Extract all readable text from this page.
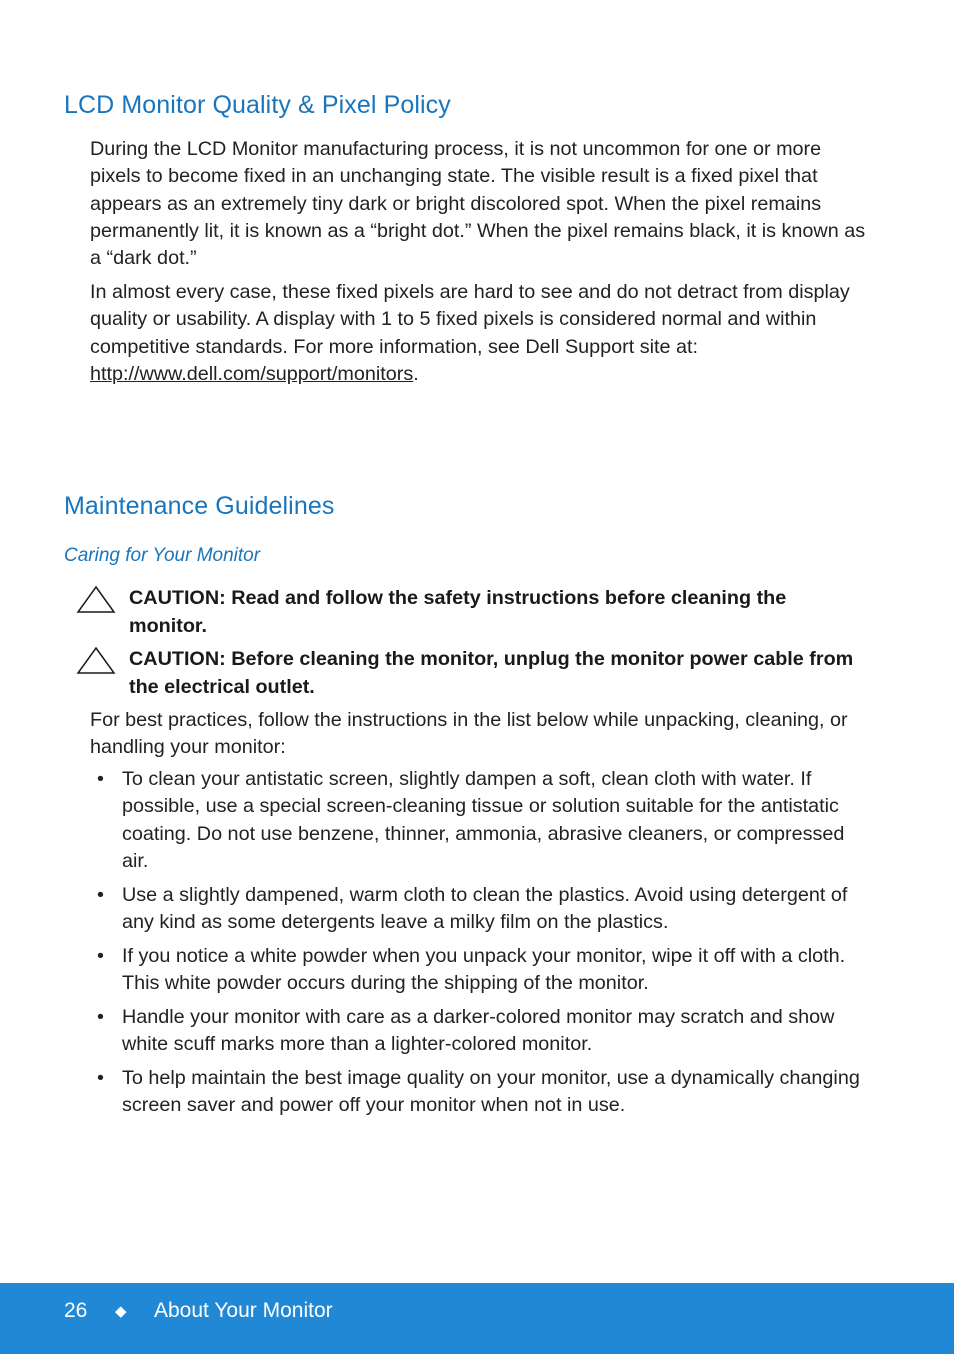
LCD Monitor Quality & Pixel Policy

During the LCD Monitor manufacturing process, it is not uncommon for one or more pixels to become fixed in an unchanging state. The visible result is a fixed pixel that appears as an extremely tiny dark or bright discolored spot. When the pixel remains permanently lit, it is known as a “bright dot.” When the pixel remains black, it is known as a “dark dot.”

In almost every case, these fixed pixels are hard to see and do not detract from display quality or usability. A display with 1 to 5 fixed pixels is considered normal and within competitive standards. For more information, see Dell Support site at:
http://www.dell.com/support/monitors.

Maintenance Guidelines
Caring for Your Monitor

CAUTION: Read and follow the safety instructions before cleaning the monitor.

CAUTION: Before cleaning the monitor, unplug the monitor power cable from the electrical outlet.

For best practices, follow the instructions in the list below while unpacking, cleaning, or handling your monitor:

• To clean your antistatic screen, slightly dampen a soft, clean cloth with water. If possible, use a special screen-cleaning tissue or solution suitable for the antistatic coating. Do not use benzene, thinner, ammonia, abrasive cleaners, or compressed air.
• Use a slightly dampened, warm cloth to clean the plastics. Avoid using detergent of any kind as some detergents leave a milky film on the plastics.
• If you notice a white powder when you unpack your monitor, wipe it off with a cloth. This white powder occurs during the shipping of the monitor.
• Handle your monitor with care as a darker-colored monitor may scratch and show white scuff marks more than a lighter-colored monitor.
• To help maintain the best image quality on your monitor, use a dynamically changing screen saver and power off your monitor when not in use.
26 ◆ About Your Monitor
